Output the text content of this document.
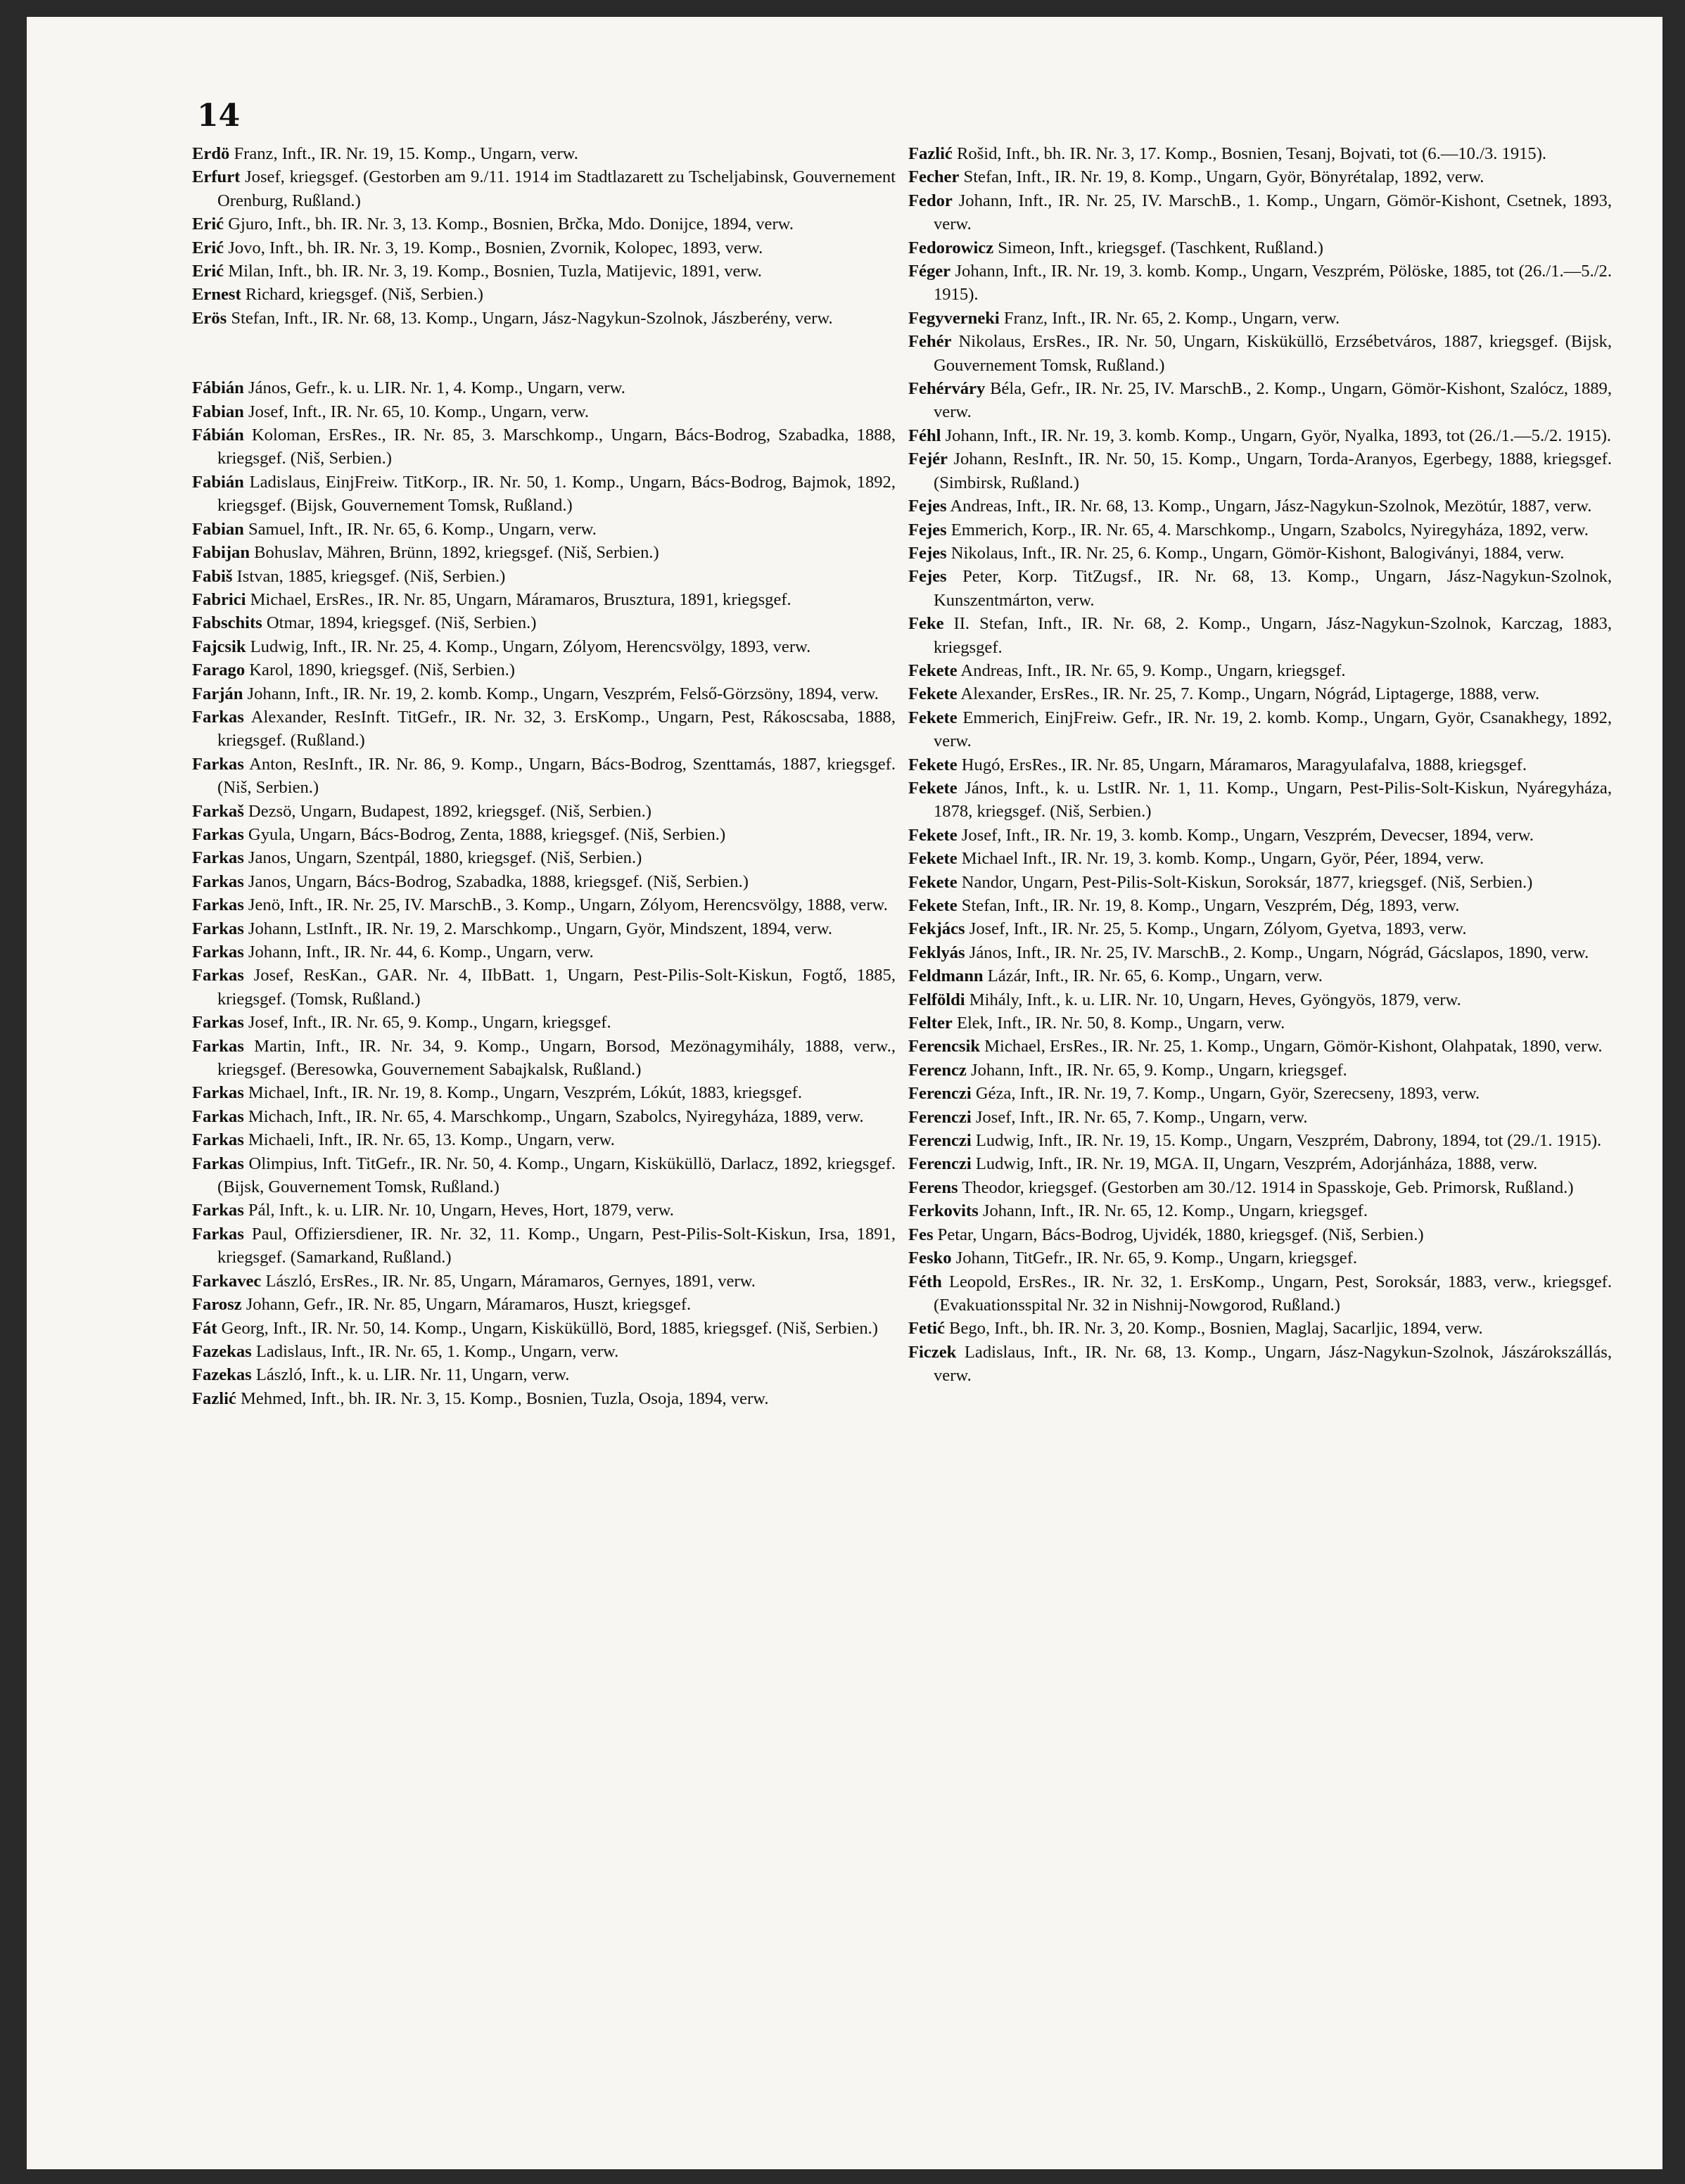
14

Erdö Franz, Inft., IR. Nr. 19, 15. Komp., Ungarn, verw.

Erfurt Josef, kriegsgef. (Gestorben am 9./11. 1914 im Stadtlazarett zu Tscheljabinsk, Gouvernement Orenburg, Rußland.)

Erić Gjuro, Inft., bh. IR. Nr. 3, 13. Komp., Bosnien, Brčka, Mdo. Donijce, 1894, verw.

Erić Jovo, Inft., bh. IR. Nr. 3, 19. Komp., Bosnien, Zvornik, Kolopec, 1893, verw.

Erić Milan, Inft., bh. IR. Nr. 3, 19. Komp., Bosnien, Tuzla, Matijevic, 1891, verw.

Ernest Richard, kriegsgef. (Niš, Serbien.)

Erös Stefan, Inft., IR. Nr. 68, 13. Komp., Ungarn, Jász-Nagykun-Szolnok, Jászberény, verw.

Fábián János, Gefr., k. u. LIR. Nr. 1, 4. Komp., Ungarn, verw.

Fabian Josef, Inft., IR. Nr. 65, 10. Komp., Ungarn, verw.

Fábián Koloman, ErsRes., IR. Nr. 85, 3. Marschkomp., Ungarn, Bács-Bodrog, Szabadka, 1888, kriegsgef. (Niš, Serbien.)

Fabián Ladislaus, EinjFreiw. TitKorp., IR. Nr. 50, 1. Komp., Ungarn, Bács-Bodrog, Bajmok, 1892, kriegsgef. (Bijsk, Gouvernement Tomsk, Rußland.)

Fabian Samuel, Inft., IR. Nr. 65, 6. Komp., Ungarn, verw.

Fabijan Bohuslav, Mähren, Brünn, 1892, kriegsgef. (Niš, Serbien.)

Fabiš Istvan, 1885, kriegsgef. (Niš, Serbien.)

Fabrici Michael, ErsRes., IR. Nr. 85, Ungarn, Máramaros, Brusztura, 1891, kriegsgef.

Fabschits Otmar, 1894, kriegsgef. (Niš, Serbien.)

Fajcsik Ludwig, Inft., IR. Nr. 25, 4. Komp., Ungarn, Zólyom, Herencsvölgy, 1893, verw.

Farago Karol, 1890, kriegsgef. (Niš, Serbien.)

Farján Johann, Inft., IR. Nr. 19, 2. komb. Komp., Ungarn, Veszprém, Felső-Görzsöny, 1894, verw.

Farkas Alexander, ResInft. TitGefr., IR. Nr. 32, 3. ErsKomp., Ungarn, Pest, Rákoscsaba, 1888, kriegsgef. (Rußland.)

Farkas Anton, ResInft., IR. Nr. 86, 9. Komp., Ungarn, Bács-Bodrog, Szenttamás, 1887, kriegsgef. (Niš, Serbien.)

Farkaš Dezsö, Ungarn, Budapest, 1892, kriegsgef. (Niš, Serbien.)

Farkas Gyula, Ungarn, Bács-Bodrog, Zenta, 1888, kriegsgef. (Niš, Serbien.)

Farkas Janos, Ungarn, Szentpál, 1880, kriegsgef. (Niš, Serbien.)

Farkas Janos, Ungarn, Bács-Bodrog, Szabadka, 1888, kriegsgef. (Niš, Serbien.)

Farkas Jenö, Inft., IR. Nr. 25, IV. MarschB., 3. Komp., Ungarn, Zólyom, Herencsvölgy, 1888, verw.

Farkas Johann, LstInft., IR. Nr. 19, 2. Marschkomp., Ungarn, Györ, Mindszent, 1894, verw.

Farkas Johann, Inft., IR. Nr. 44, 6. Komp., Ungarn, verw.

Farkas Josef, ResKan., GAR. Nr. 4, IIbBatt. 1, Ungarn, Pest-Pilis-Solt-Kiskun, Fogtő, 1885, kriegsgef. (Tomsk, Rußland.)

Farkas Josef, Inft., IR. Nr. 65, 9. Komp., Ungarn, kriegsgef.

Farkas Martin, Inft., IR. Nr. 34, 9. Komp., Ungarn, Borsod, Mezönagymihály, 1888, verw., kriegsgef. (Beresowka, Gouvernement Sabajkalsk, Rußland.)

Farkas Michael, Inft., IR. Nr. 19, 8. Komp., Ungarn, Veszprém, Lókút, 1883, kriegsgef.

Farkas Michach, Inft., IR. Nr. 65, 4. Marschkomp., Ungarn, Szabolcs, Nyiregyháza, 1889, verw.

Farkas Michaeli, Inft., IR. Nr. 65, 13. Komp., Ungarn, verw.

Farkas Olimpius, Inft. TitGefr., IR. Nr. 50, 4. Komp., Ungarn, Kisküküllö, Darlacz, 1892, kriegsgef. (Bijsk, Gouvernement Tomsk, Rußland.)

Farkas Pál, Inft., k. u. LIR. Nr. 10, Ungarn, Heves, Hort, 1879, verw.

Farkas Paul, Offiziersdiener, IR. Nr. 32, 11. Komp., Ungarn, Pest-Pilis-Solt-Kiskun, Irsa, 1891, kriegsgef. (Samarkand, Rußland.)

Farkavec László, ErsRes., IR. Nr. 85, Ungarn, Máramaros, Gernyes, 1891, verw.

Farosz Johann, Gefr., IR. Nr. 85, Ungarn, Máramaros, Huszt, kriegsgef.

Fát Georg, Inft., IR. Nr. 50, 14. Komp., Ungarn, Kisküküllö, Bord, 1885, kriegsgef. (Niš, Serbien.)

Fazekas Ladislaus, Inft., IR. Nr. 65, 1. Komp., Ungarn, verw.

Fazekas László, Inft., k. u. LIR. Nr. 11, Ungarn, verw.

Fazlić Mehmed, Inft., bh. IR. Nr. 3, 15. Komp., Bosnien, Tuzla, Osoja, 1894, verw.

Fazlić Rošid, Inft., bh. IR. Nr. 3, 17. Komp., Bosnien, Tesanj, Bojvati, tot (6.—10./3. 1915).

Fecher Stefan, Inft., IR. Nr. 19, 8. Komp., Ungarn, Györ, Bönyrétalap, 1892, verw.

Fedor Johann, Inft., IR. Nr. 25, IV. MarschB., 1. Komp., Ungarn, Gömör-Kishont, Csetnek, 1893, verw.

Fedorowicz Simeon, Inft., kriegsgef. (Taschkent, Rußland.)

Féger Johann, Inft., IR. Nr. 19, 3. komb. Komp., Ungarn, Veszprém, Pölöske, 1885, tot (26./1.—5./2. 1915).

Fegyverneki Franz, Inft., IR. Nr. 65, 2. Komp., Ungarn, verw.

Fehér Nikolaus, ErsRes., IR. Nr. 50, Ungarn, Kisküküllö, Erzsébetváros, 1887, kriegsgef. (Bijsk, Gouvernement Tomsk, Rußland.)

Fehérváry Béla, Gefr., IR. Nr. 25, IV. MarschB., 2. Komp., Ungarn, Gömör-Kishont, Szalócz, 1889, verw.

Féhl Johann, Inft., IR. Nr. 19, 3. komb. Komp., Ungarn, Györ, Nyalka, 1893, tot (26./1.—5./2. 1915).

Fejér Johann, ResInft., IR. Nr. 50, 15. Komp., Ungarn, Torda-Aranyos, Egerbegy, 1888, kriegsgef. (Simbirsk, Rußland.)

Fejes Andreas, Inft., IR. Nr. 68, 13. Komp., Ungarn, Jász-Nagykun-Szolnok, Mezötúr, 1887, verw.

Fejes Emmerich, Korp., IR. Nr. 65, 4. Marschkomp., Ungarn, Szabolcs, Nyiregyháza, 1892, verw.

Fejes Nikolaus, Inft., IR. Nr. 25, 6. Komp., Ungarn, Gömör-Kishont, Balogiványi, 1884, verw.

Fejes Peter, Korp. TitZugsf., IR. Nr. 68, 13. Komp., Ungarn, Jász-Nagykun-Szolnok, Kunszentmárton, verw.

Feke II. Stefan, Inft., IR. Nr. 68, 2. Komp., Ungarn, Jász-Nagykun-Szolnok, Karczag, 1883, kriegsgef.

Fekete Andreas, Inft., IR. Nr. 65, 9. Komp., Ungarn, kriegsgef.

Fekete Alexander, ErsRes., IR. Nr. 25, 7. Komp., Ungarn, Nógrád, Liptagerge, 1888, verw.

Fekete Emmerich, EinjFreiw. Gefr., IR. Nr. 19, 2. komb. Komp., Ungarn, Györ, Csanakhegy, 1892, verw.

Fekete Hugó, ErsRes., IR. Nr. 85, Ungarn, Máramaros, Maragyulafalva, 1888, kriegsgef.

Fekete János, Inft., k. u. LstIR. Nr. 1, 11. Komp., Ungarn, Pest-Pilis-Solt-Kiskun, Nyáregyháza, 1878, kriegsgef. (Niš, Serbien.)

Fekete Josef, Inft., IR. Nr. 19, 3. komb. Komp., Ungarn, Veszprém, Devecser, 1894, verw.

Fekete Michael Inft., IR. Nr. 19, 3. komb. Komp., Ungarn, Györ, Péer, 1894, verw.

Fekete Nandor, Ungarn, Pest-Pilis-Solt-Kiskun, Soroksár, 1877, kriegsgef. (Niš, Serbien.)

Fekete Stefan, Inft., IR. Nr. 19, 8. Komp., Ungarn, Veszprém, Dég, 1893, verw.

Fekjács Josef, Inft., IR. Nr. 25, 5. Komp., Ungarn, Zólyom, Gyetva, 1893, verw.

Feklyás János, Inft., IR. Nr. 25, IV. MarschB., 2. Komp., Ungarn, Nógrád, Gácslapos, 1890, verw.

Feldmann Lázár, Inft., IR. Nr. 65, 6. Komp., Ungarn, verw.

Felföldi Mihály, Inft., k. u. LIR. Nr. 10, Ungarn, Heves, Gyöngyös, 1879, verw.

Felter Elek, Inft., IR. Nr. 50, 8. Komp., Ungarn, verw.

Ferencsik Michael, ErsRes., IR. Nr. 25, 1. Komp., Ungarn, Gömör-Kishont, Olahpatak, 1890, verw.

Ferencz Johann, Inft., IR. Nr. 65, 9. Komp., Ungarn, kriegsgef.

Ferenczi Géza, Inft., IR. Nr. 19, 7. Komp., Ungarn, Györ, Szerecseny, 1893, verw.

Ferenczi Josef, Inft., IR. Nr. 65, 7. Komp., Ungarn, verw.

Ferenczi Ludwig, Inft., IR. Nr. 19, 15. Komp., Ungarn, Veszprém, Dabrony, 1894, tot (29./1. 1915).

Ferenczi Ludwig, Inft., IR. Nr. 19, MGA. II, Ungarn, Veszprém, Adorjánháza, 1888, verw.

Ferens Theodor, kriegsgef. (Gestorben am 30./12. 1914 in Spasskoje, Geb. Primorsk, Rußland.)

Ferkovits Johann, Inft., IR. Nr. 65, 12. Komp., Ungarn, kriegsgef.

Fes Petar, Ungarn, Bács-Bodrog, Ujvidék, 1880, kriegsgef. (Niš, Serbien.)

Fesko Johann, TitGefr., IR. Nr. 65, 9. Komp., Ungarn, kriegsgef.

Féth Leopold, ErsRes., IR. Nr. 32, 1. ErsKomp., Ungarn, Pest, Soroksár, 1883, verw., kriegsgef. (Evakuationsspital Nr. 32 in Nishnij-Nowgorod, Rußland.)

Fetić Bego, Inft., bh. IR. Nr. 3, 20. Komp., Bosnien, Maglaj, Sacarljic, 1894, verw.

Ficzek Ladislaus, Inft., IR. Nr. 68, 13. Komp., Ungarn, Jász-Nagykun-Szolnok, Jászárokszállás, verw.
